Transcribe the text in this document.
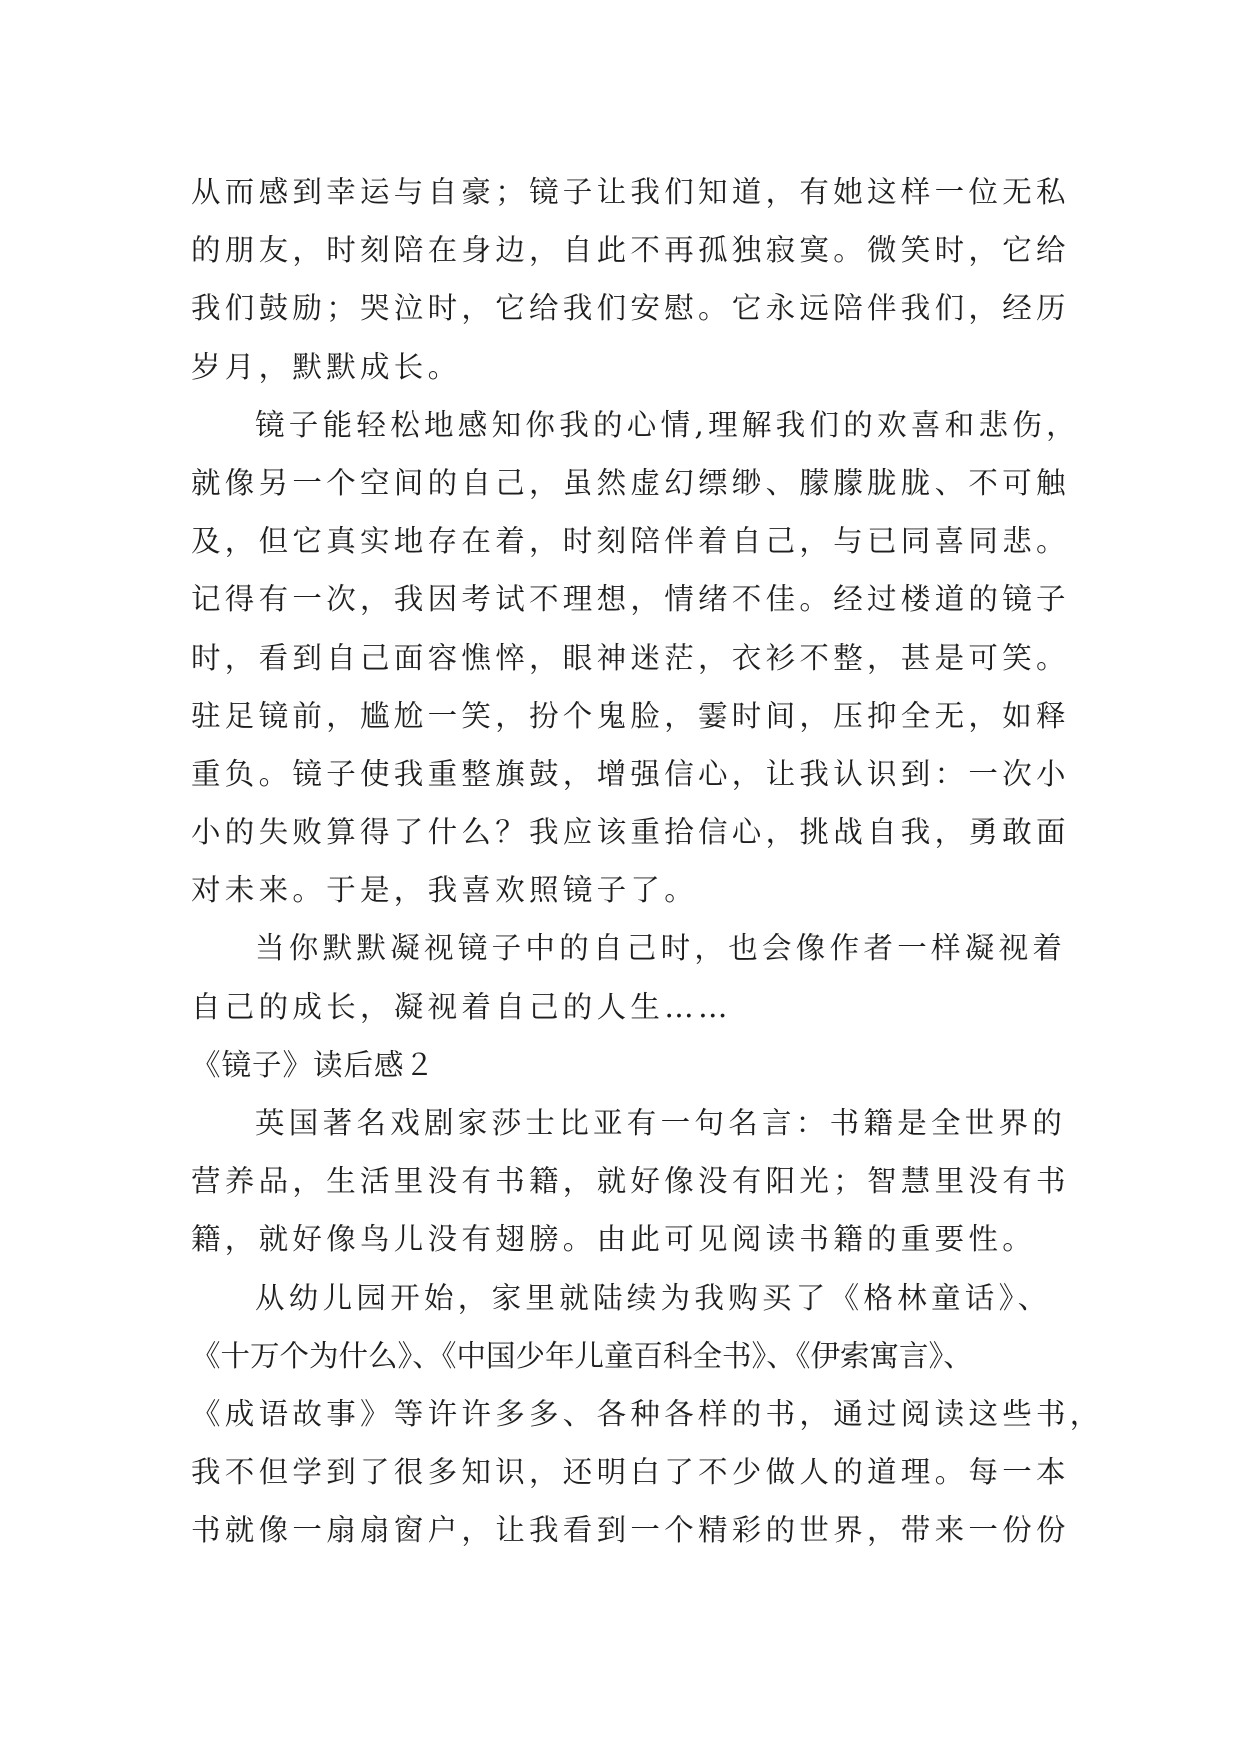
从而感到幸运与自豪；镜子让我们知道，有她这样一位无私
的朋友，时刻陪在身边，自此不再孤独寂寞。微笑时，它给
我们鼓励；哭泣时，它给我们安慰。它永远陪伴我们，经历
岁月，默默成长。
镜子能轻松地感知你我的心情,理解我们的欢喜和悲伤，
就像另一个空间的自己，虽然虚幻缥缈、朦朦胧胧、不可触
及，但它真实地存在着，时刻陪伴着自己，与已同喜同悲。
记得有一次，我因考试不理想，情绪不佳。经过楼道的镜子
时，看到自己面容憔悴，眼神迷茫，衣衫不整，甚是可笑。
驻足镜前，尴尬一笑，扮个鬼脸，霎时间，压抑全无，如释
重负。镜子使我重整旗鼓，增强信心，让我认识到：一次小
小的失败算得了什么？我应该重拾信心，挑战自我，勇敢面
对未来。于是，我喜欢照镜子了。
当你默默凝视镜子中的自己时，也会像作者一样凝视着
自己的成长，凝视着自己的人生……
《镜子》读后感２
英国著名戏剧家莎士比亚有一句名言：书籍是全世界的
营养品，生活里没有书籍，就好像没有阳光；智慧里没有书
籍，就好像鸟儿没有翅膀。由此可见阅读书籍的重要性。
从幼儿园开始，家里就陆续为我购买了《格林童话》、
《十万个为什么》、《中国少年儿童百科全书》、《伊索寓言》、
《成语故事》等许许多多、各种各样的书，通过阅读这些书，
我不但学到了很多知识，还明白了不少做人的道理。每一本
书就像一扇扇窗户，让我看到一个精彩的世界，带来一份份
